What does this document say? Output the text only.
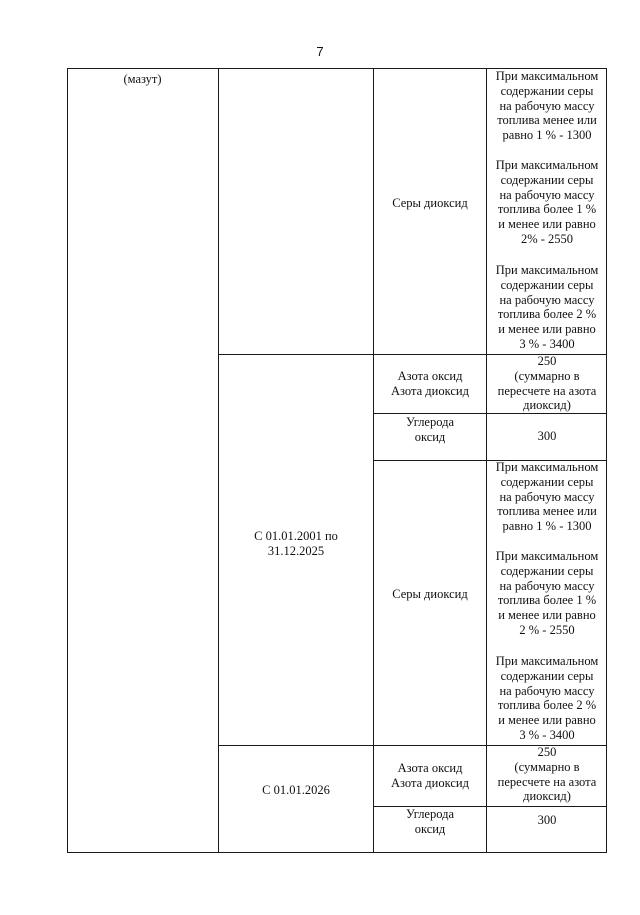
7
(мазут)
С 01.01.2001 по
31.12.2025
С 01.01.2026
Серы диоксид
Азота оксид
Азота диоксид
Углерода
оксид
Серы диоксид
Азота оксид
Азота диоксид
Углерода
оксид
При максимальном
содержании серы
на рабочую массу
топлива менее или
равно 1 % - 1300
При максимальном
содержании серы
на рабочую массу
топлива более 1 %
и менее или равно
2% - 2550
При максимальном
содержании серы
на рабочую массу
топлива более 2 %
и менее или равно
3 % - 3400
250
(суммарно в
пересчете на азота
диоксид)
300
При максимальном
содержании серы
на рабочую массу
топлива менее или
равно 1 % - 1300
При максимальном
содержании серы
на рабочую массу
топлива более 1 %
и менее или равно
2 % - 2550
При максимальном
содержании серы
на рабочую массу
топлива более 2 %
и менее или равно
3 % - 3400
250
(суммарно в
пересчете на азота
диоксид)
300
